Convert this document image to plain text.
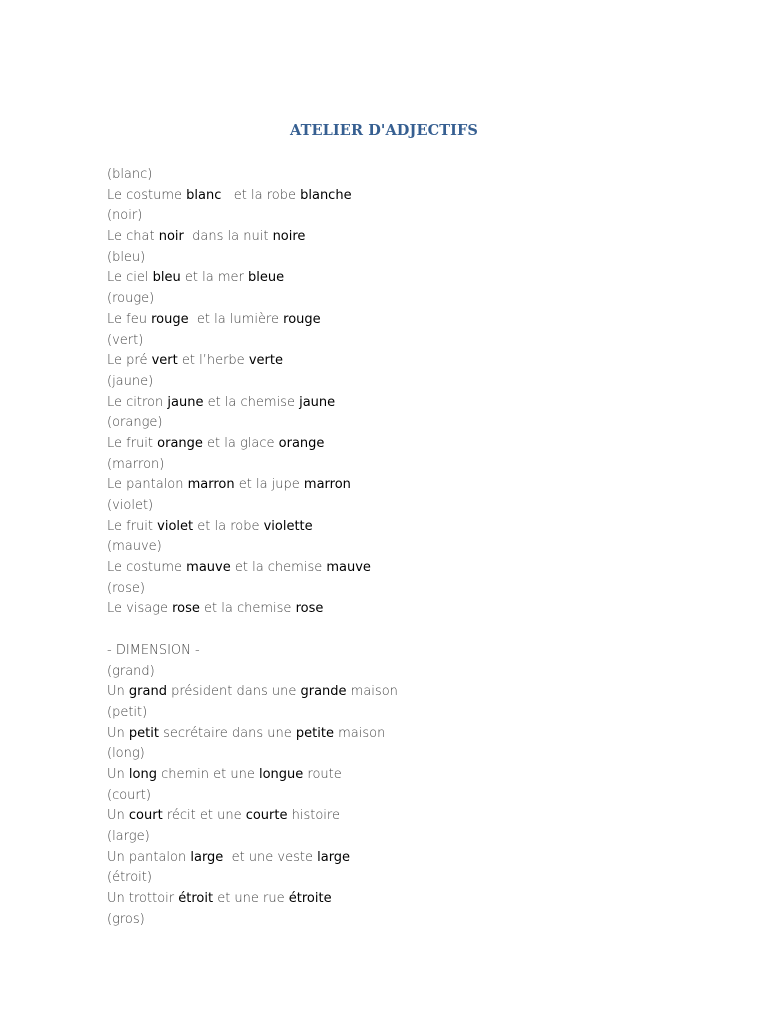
ATELIER D'ADJECTIFS
(blanc)
Le costume blanc   et la robe blanche
(noir)
Le chat noir  dans la nuit noire
(bleu)
Le ciel bleu et la mer bleue
(rouge)
Le feu rouge  et la lumière rouge
(vert)
Le pré vert et l’herbe verte
(jaune)
Le citron jaune et la chemise jaune
(orange)
Le fruit orange et la glace orange
(marron)
Le pantalon marron et la jupe marron
(violet)
Le fruit violet et la robe violette
(mauve)
Le costume mauve et la chemise mauve
(rose)
Le visage rose et la chemise rose
- DIMENSION -
(grand)
Un grand président dans une grande maison
(petit)
Un petit secrétaire dans une petite maison
(long)
Un long chemin et une longue route
(court)
Un court récit et une courte histoire
(large)
Un pantalon large  et une veste large
(étroit)
Un trottoir étroit et une rue étroite
(gros)
